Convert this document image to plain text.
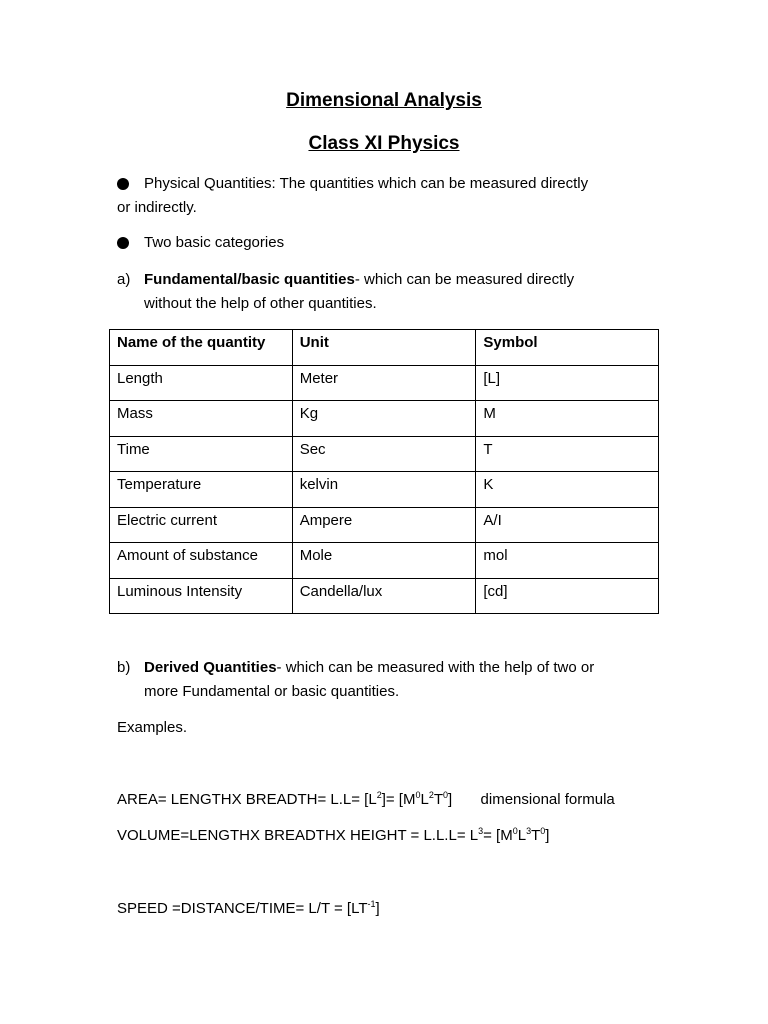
Dimensional Analysis
Class XI Physics
Physical Quantities: The quantities which can be measured directly
or indirectly.
Two basic categories
a) Fundamental/basic quantities- which can be measured directly
without the help of other quantities.
Name of the quantity	Unit	Symbol
Length	Meter	[L]
Mass	Kg	M
Time	Sec	T
Temperature	kelvin	K
Electric current	Ampere	A/I
Amount of substance	Mole	mol
Luminous Intensity	Candella/lux	[cd]
b) Derived Quantities- which can be measured with the help of two or
more Fundamental or basic quantities.
Examples.
AREA= LENGTHX BREADTH= $L.L= [L^2]= [M^0L^2T^0]$ dimensional formula
VOLUME=LENGTHX BREADTHX HEIGHT = $L.L.L= L^3= [M^0L^3T^0]$
SPEED =DISTANCE/TIME= $L/T = [LT^{-1}]$
